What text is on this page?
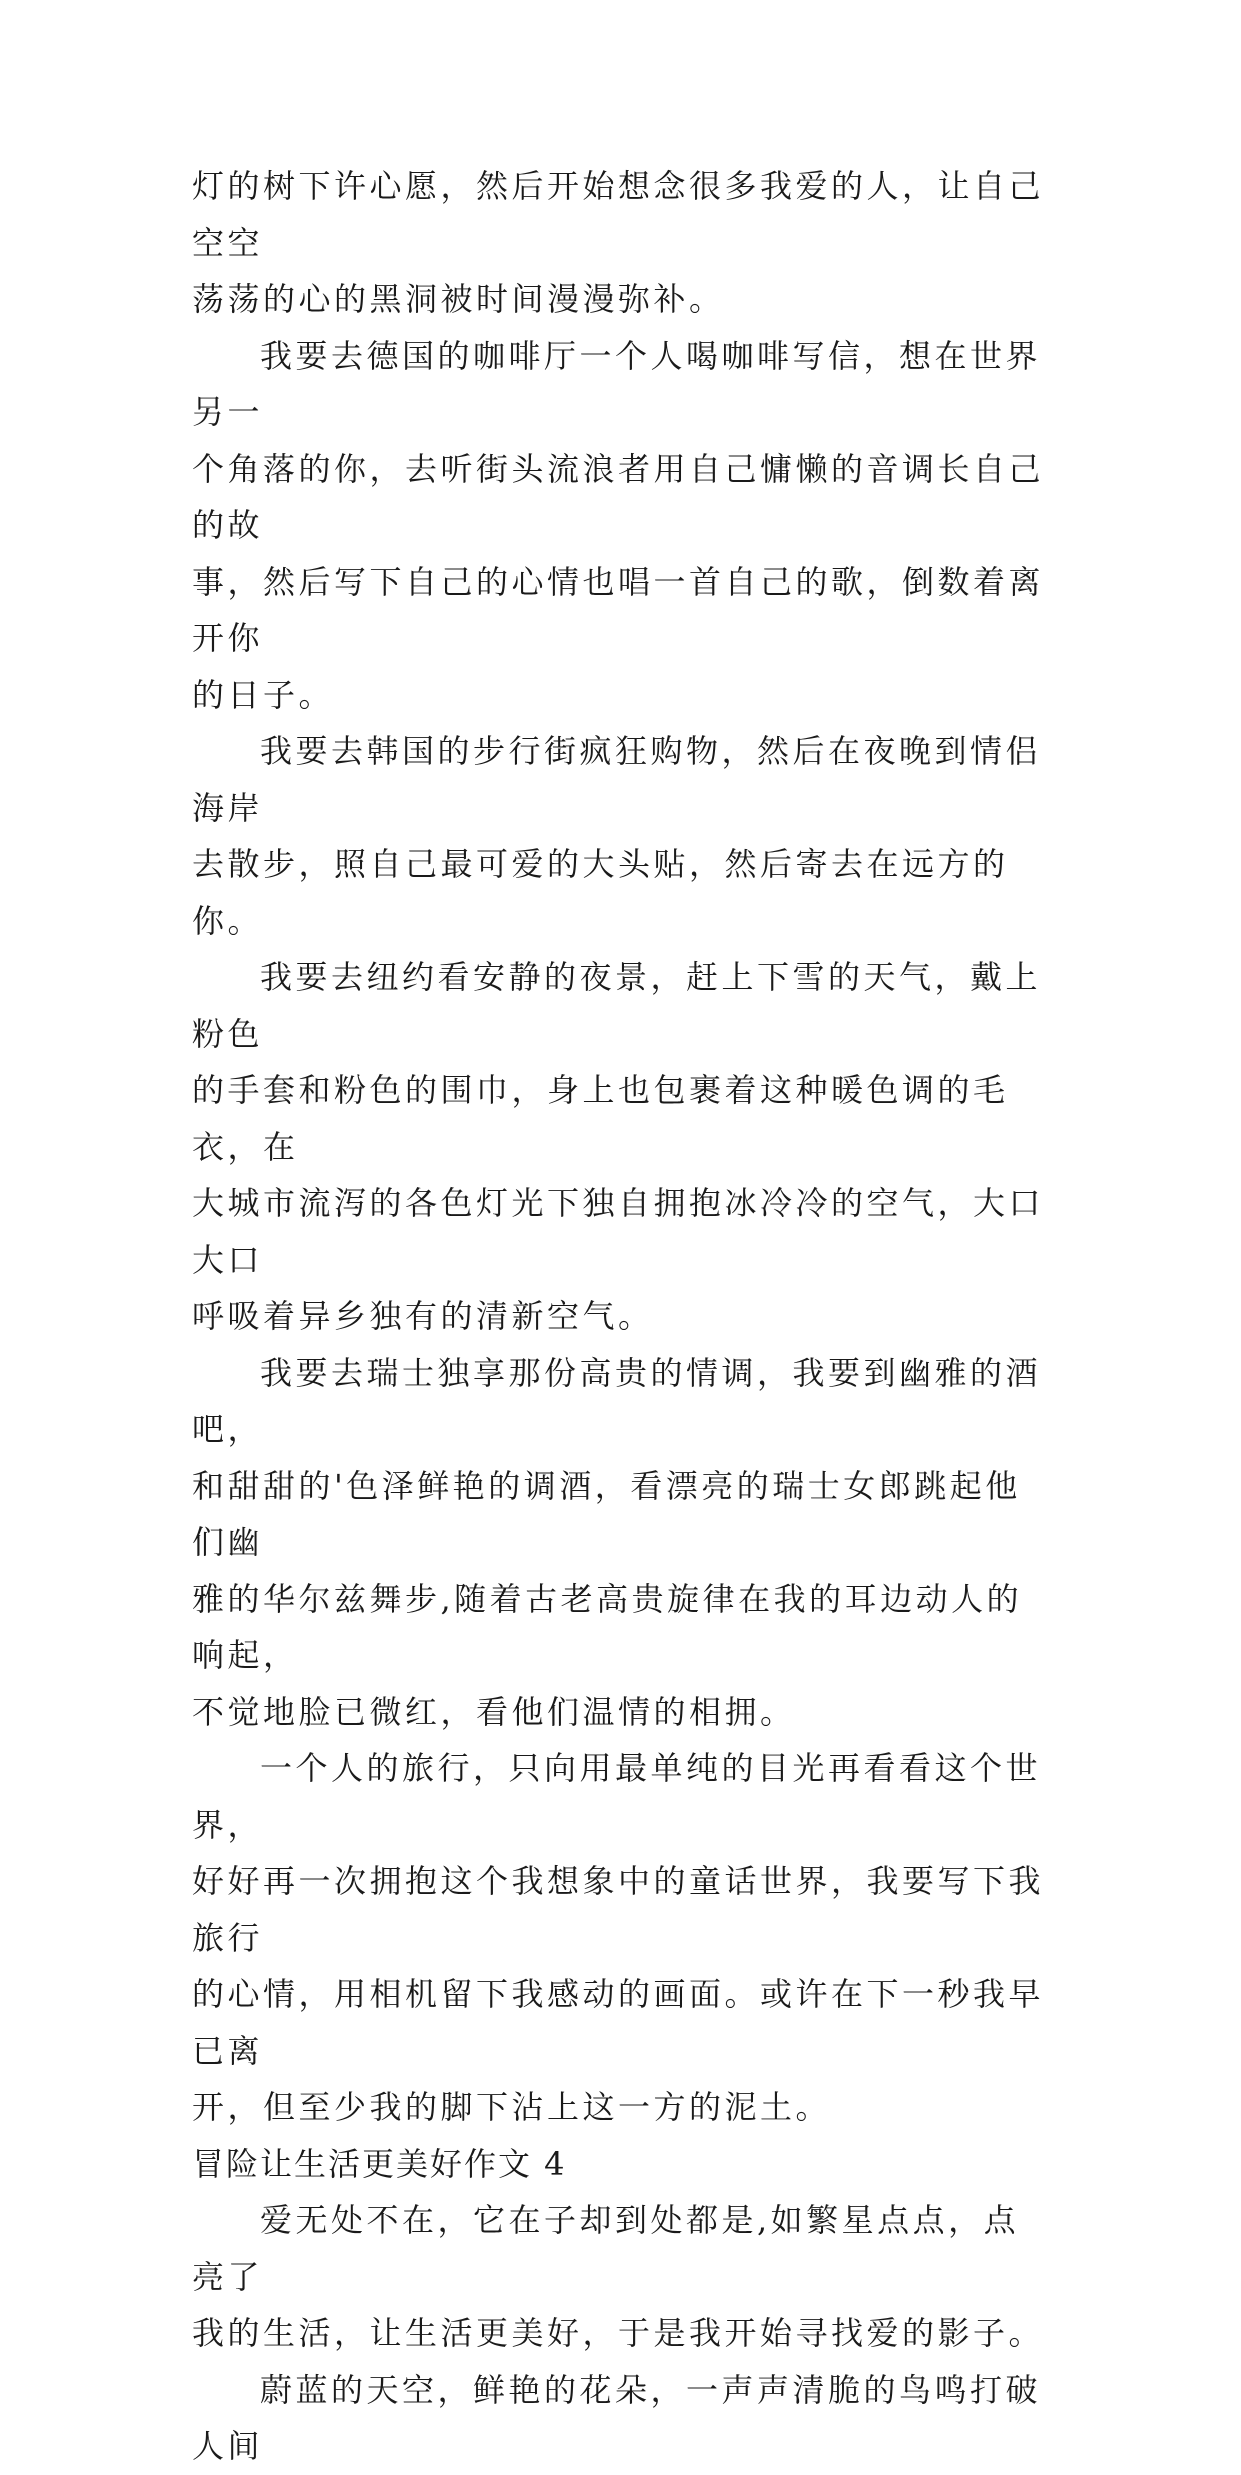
灯的树下许心愿，然后开始想念很多我爱的人，让自己空空
荡荡的心的黑洞被时间漫漫弥补。

我要去德国的咖啡厅一个人喝咖啡写信，想在世界另一
个角落的你，去听街头流浪者用自己慵懒的音调长自己的故
事，然后写下自己的心情也唱一首自己的歌，倒数着离开你
的日子。

我要去韩国的步行街疯狂购物，然后在夜晚到情侣海岸
去散步，照自己最可爱的大头贴，然后寄去在远方的你。

我要去纽约看安静的夜景，赶上下雪的天气，戴上粉色
的手套和粉色的围巾，身上也包裹着这种暖色调的毛衣，在
大城市流泻的各色灯光下独自拥抱冰冷冷的空气，大口大口
呼吸着异乡独有的清新空气。

我要去瑞士独享那份高贵的情调，我要到幽雅的酒吧，
和甜甜的'色泽鲜艳的调酒，看漂亮的瑞士女郎跳起他们幽
雅的华尔兹舞步,随着古老高贵旋律在我的耳边动人的响起，
不觉地脸已微红，看他们温情的相拥。

一个人的旅行，只向用最单纯的目光再看看这个世界，
好好再一次拥抱这个我想象中的童话世界，我要写下我旅行
的心情，用相机留下我感动的画面。或许在下一秒我早已离
开，但至少我的脚下沾上这一方的泥土。

冒险让生活更美好作文 4

爱无处不在，它在子却到处都是,如繁星点点，点亮了
我的生活，让生活更美好，于是我开始寻找爱的影子。

蔚蓝的天空，鲜艳的花朵，一声声清脆的鸟鸣打破人间
